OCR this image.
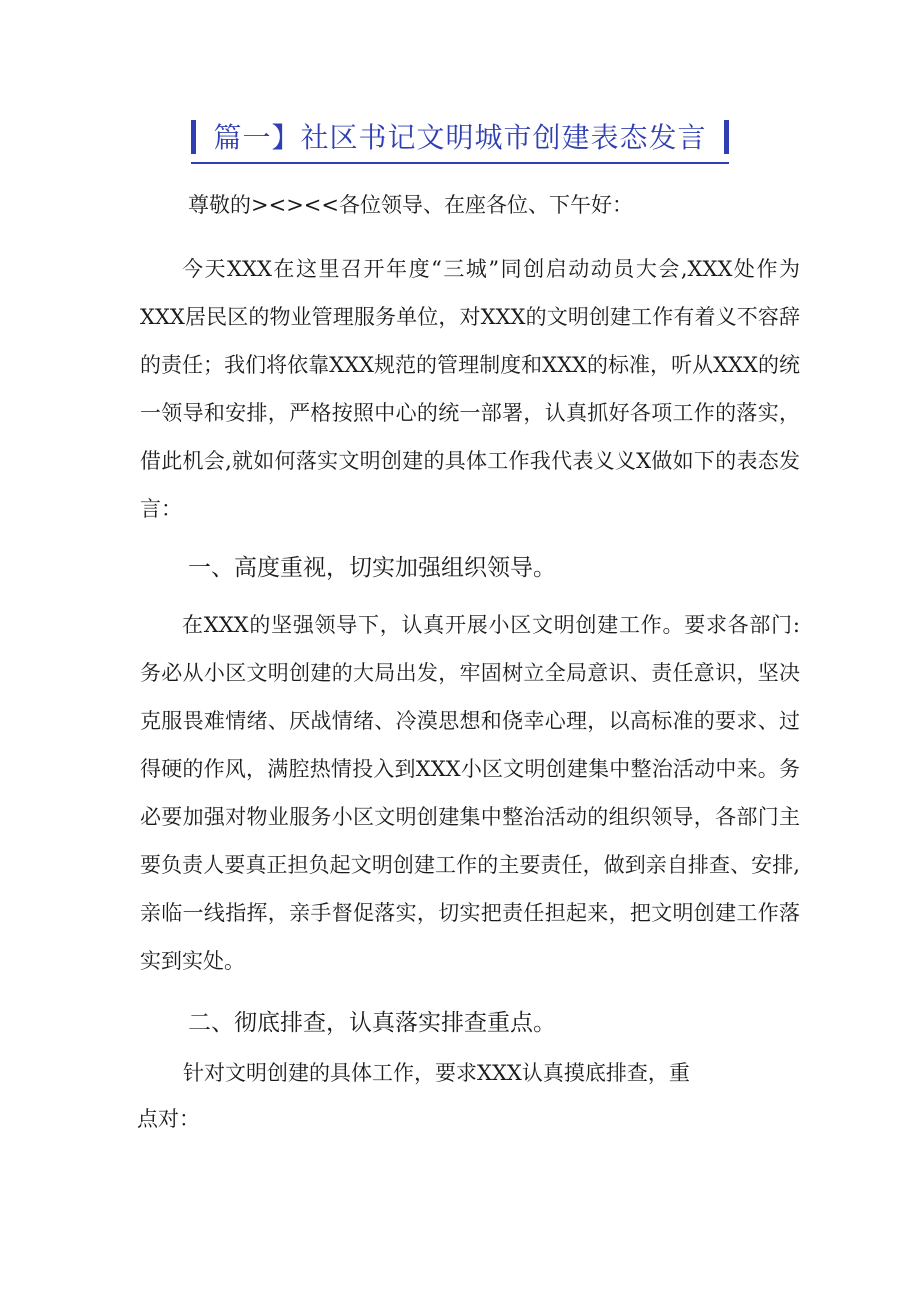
篇一】社区书记文明城市创建表态发言

尊敬的><><<各位领导、在座各位、下午好：

今天XXX在这里召开年度“三城”同创启动动员大会,XXX处作为XXX居民区的物业管理服务单位，对XXX的文明创建工作有着义不容辞的责任；我们将依靠XXX规范的管理制度和XXX的标准，听从XXX的统一领导和安排，严格按照中心的统一部署，认真抓好各项工作的落实，借此机会,就如何落实文明创建的具体工作我代表义义X做如下的表态发言：

一、高度重视，切实加强组织领导。

在XXX的坚强领导下，认真开展小区文明创建工作。要求各部门:务必从小区文明创建的大局出发，牢固树立全局意识、责任意识，坚决克服畏难情绪、厌战情绪、冷漠思想和侥幸心理，以高标准的要求、过得硬的作风，满腔热情投入到XXX小区文明创建集中整治活动中来。务必要加强对物业服务小区文明创建集中整治活动的组织领导，各部门主要负责人要真正担负起文明创建工作的主要责任，做到亲自排查、安排,亲临一线指挥，亲手督促落实，切实把责任担起来，把文明创建工作落实到实处。

二、彻底排查，认真落实排查重点。

针对文明创建的具体工作，要求XXX认真摸底排查，重

点对：
